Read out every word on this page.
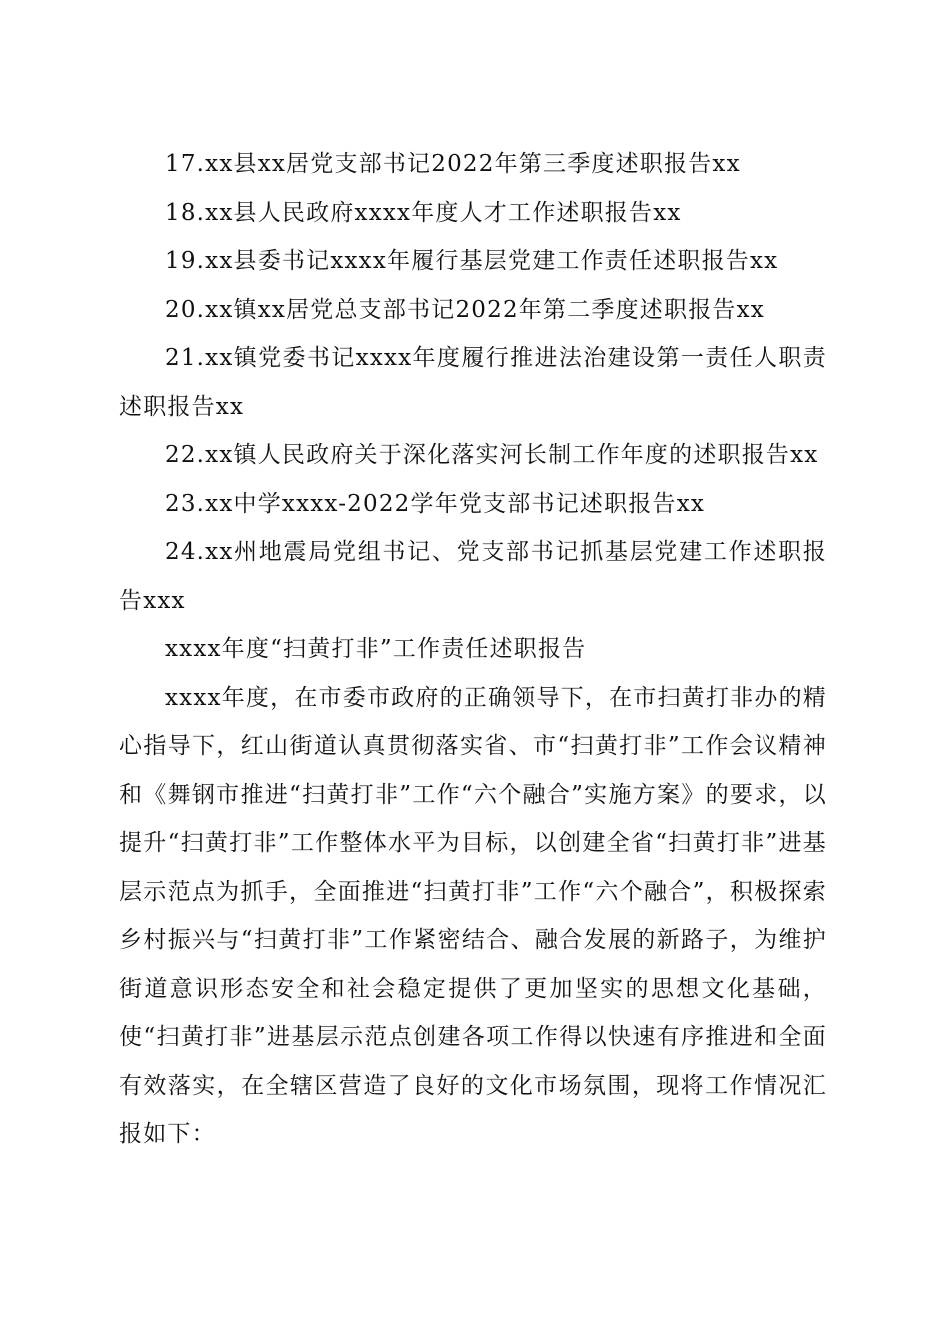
17.xx县xx居党支部书记2022年第三季度述职报告xx

18.xx县人民政府xxxx年度人才工作述职报告xx

19.xx县委书记xxxx年履行基层党建工作责任述职报告xx

20.xx镇xx居党总支部书记2022年第二季度述职报告xx

21.xx镇党委书记xxxx年度履行推进法治建设第一责任人职责述职报告xx

22.xx镇人民政府关于深化落实河长制工作年度的述职报告xx

23.xx中学xxxx-2022学年党支部书记述职报告xx

24.xx州地震局党组书记、党支部书记抓基层党建工作述职报告xxx

xxxx年度“扫黄打非”工作责任述职报告

xxxx年度，在市委市政府的正确领导下，在市扫黄打非办的精心指导下，红山街道认真贯彻落实省、市“扫黄打非”工作会议精神和《舞钢市推进“扫黄打非”工作“六个融合”实施方案》的要求，以提升“扫黄打非”工作整体水平为目标，以创建全省“扫黄打非”进基层示范点为抓手，全面推进“扫黄打非”工作“六个融合”，积极探索乡村振兴与“扫黄打非”工作紧密结合、融合发展的新路子，为维护街道意识形态安全和社会稳定提供了更加坚实的思想文化基础，使“扫黄打非”进基层示范点创建各项工作得以快速有序推进和全面有效落实，在全辖区营造了良好的文化市场氛围，现将工作情况汇报如下：
